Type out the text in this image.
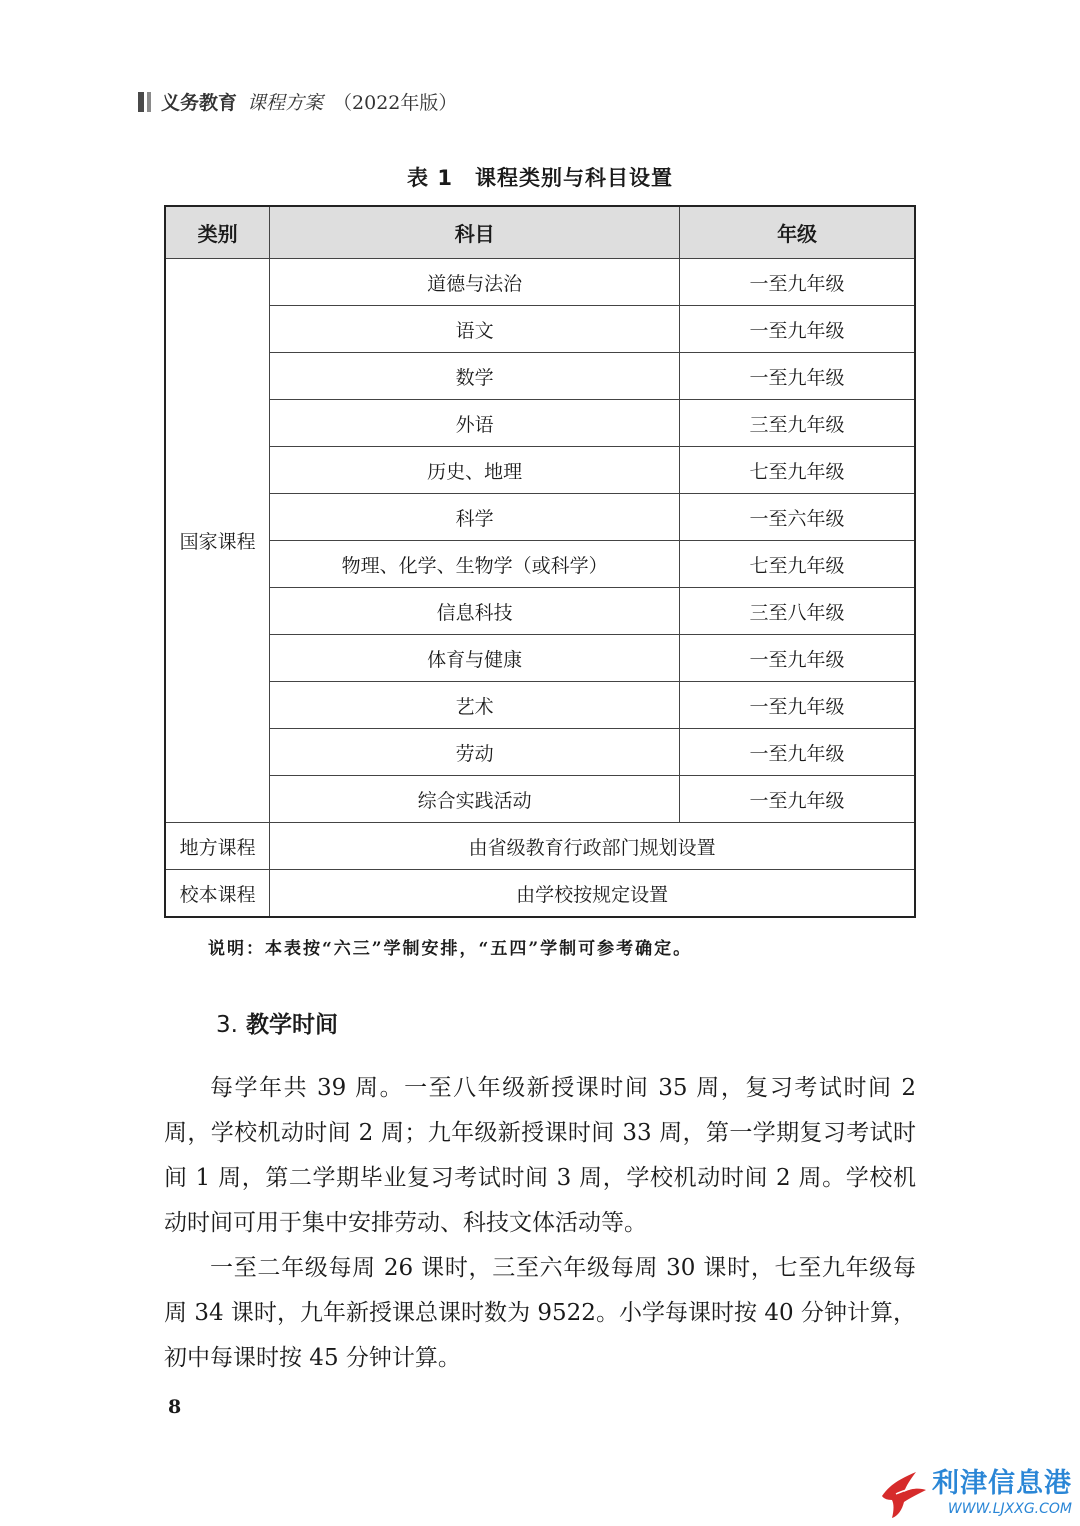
义务教育 课程方案 （2022年版）
表 1 课程类别与科目设置
类别	科目	年级
国家课程	道德与法治	一至九年级
	语文	一至九年级
	数学	一至九年级
	外语	三至九年级
	历史、地理	七至九年级
	科学	一至六年级
	物理、化学、生物学（或科学）	七至九年级
	信息科技	三至八年级
	体育与健康	一至九年级
	艺术	一至九年级
	劳动	一至九年级
	综合实践活动	一至九年级
地方课程	由省级教育行政部门规划设置	
校本课程	由学校按规定设置	
说明：本表按“六三”学制安排，“五四”学制可参考确定。
3. 教学时间

每学年共 39 周。一至八年级新授课时间 35 周，复习考试时间 2 周，学校机动时间 2 周；九年级新授课时间 33 周，第一学期复习考试时间 1 周，第二学期毕业复习考试时间 3 周，学校机动时间 2 周。学校机动时间可用于集中安排劳动、科技文体活动等。

一至二年级每周 26 课时，三至六年级每周 30 课时，七至九年级每周 34 课时，九年新授课总课时数为 9522。小学每课时按 40 分钟计算，初中每课时按 45 分钟计算。

8
利津信息港
WWW.LJXXG.COM
